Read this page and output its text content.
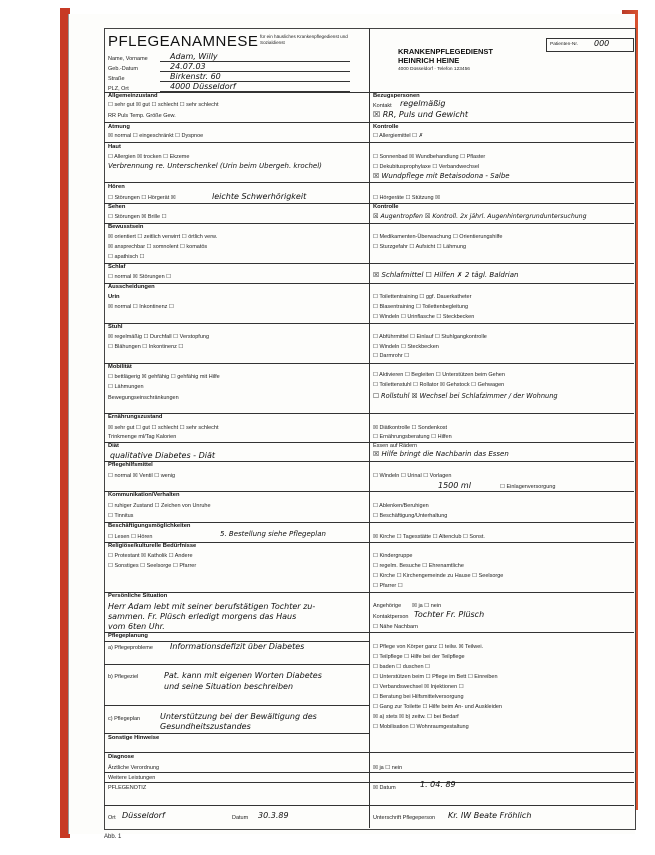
PFLEGEANAMNESE für ein häusliches Krankenpflegedienst und Sozialdienst
Name, Vorname	Adam, Willy
Geb.-Datum	24.07.03
Straße	Birkenstr. 60
PLZ, Ort	4000 Düsseldorf
KRANKENPFLEGEDIENST
HEINRICH HEINE
4000 Düsseldorf · Telefon 123456
Patienten-Nr. 000
Allgemeinzustand
☐ sehr gut ☒ gut ☐ schlecht ☐ sehr schlecht
RR Puls Temp. Größe Gew.
Atmung
☒ normal ☐ eingeschränkt ☐ Dyspnoe
Haut
☐ Allergien ☒ trocken ☐ Ekzeme
Verbrennung re. Unterschenkel (Urin beim Ubergeh. krochel)
Hören
☐ Störungen ☐ Hörgerät ☒	leichte Schwerhörigkeit
Sehen
☐ Störungen ☒ Brille ☐
Bewusstsein
☒ orientiert ☐ zeitlich verwirrt ☐ örtlich verw.
☒ ansprechbar ☐ somnolent ☐ komatös
☐ apathisch ☐
Schlaf
☐ normal ☒ Störungen ☐
Ausscheidungen
Urin
☒ normal ☐ Inkontinenz ☐
Stuhl
☒ regelmäßig ☐ Durchfall ☐ Verstopfung
☐ Blähungen ☐ Inkontinenz ☐
Mobilität
☐ bettlägerig ☒ gehfähig ☐ gehfähig mit Hilfe
☐ Lähmungen
Bewegungseinschränkungen
Ernährungszustand
☒ sehr gut ☐ gut ☐ schlecht ☐ sehr schlecht
Trinkmenge ml/Tag Kalorien
Diät
qualitative Diabetes - Diät
Pflegehilfsmittel
☐ normal ☒ Ventil ☐ wenig
Kommunikation/Verhalten
☐ ruhiger Zustand ☐ Zeichen von Unruhe
☐ Tinnitus
Beschäftigungsmöglichkeiten
☐ Lesen ☐ Hören	5. Bestellung siehe Pflegeplan
Religiöse/kulturelle Bedürfnisse
☐ Protestant ☒ Katholik ☐ Andere
☐ Sonstiges ☐ Seelsorge ☐ Pfarrer
Bezugspersonen
Kontakt regelmäßig
☒ RR, Puls und Gewicht
Kontrolle
☐ Allergiemittel ☐ ✗
☐ Sonnenbad ☒ Wundbehandlung ☐ Pflaster
☐ Dekubitusprophylaxe ☐ Verbandwechsel
☒ Wundpflege mit Betaisodona - Salbe
☐ Hörgeräte ☐ Stützung ☒
Kontrolle
☒ Augentropfen ☒ Kontroll. 2x jährl. Augenhintergrunduntersuchung
☐ Medikamenten-Überwachung ☐ Orientierungshilfe
☐ Sturzgefahr ☐ Aufsicht ☐ Lähmung
☒ Schlafmittel ☐ Hilfen ✗ 2 tägl. Baldrian
☐ Toilettentraining ☐ ggf. Dauerkatheter
☐ Blasentraining ☐ Toilettenbegleitung
☐ Windeln ☐ Urinflasche ☐ Steckbecken
☐ Abführmittel ☐ Einlauf ☐ Stuhlgangkontrolle
☐ Windeln ☐ Steckbecken
☐ Darmrohr ☐
☐ Aktivieren ☐ Begleiten ☐ Unterstützen beim Gehen
☐ Toilettenstuhl ☐ Rollator ☒ Gehstock ☐ Gehwagen
☐ Rollstuhl ☒ Wechsel bei Schlafzimmer / der Wohnung
☒ Diätkontrolle ☐ Sondenkost
☐ Ernährungsberatung ☐ Hilfen
Essen auf Rädern
☒ Hilfe bringt die Nachbarin das Essen
☐ Windeln ☐ Urinal ☐ Vorlagen
1500 ml	☐ Einlagenversorgung
☐ Ablenken/Beruhigen
☐ Beschäftigung/Unterhaltung
☒ Kirche ☐ Tagesstätte ☐ Altenclub ☐ Sonst.
☐ Kindergruppe
☐ regelm. Besuche ☐ Ehrenamtliche
☐ Kirche ☐ Kirchengemeinde zu Hause ☐ Seelsorge
☐ Pfarrer ☐
Persönliche Situation
Herr Adam lebt mit seiner berufstätigen Tochter zu-
sammen. Fr. Plüsch erledigt morgens das Haus
vom 6ten Uhr.
Angehörige ☒ ja ☐ nein
Kontaktperson Tochter Fr. Plüsch
☐ Nähe Nachbarn
Pflegeplanung
a) Pflegeprobleme Informationsdefizit über Diabetes
b) Pflegeziel	Pat. kann mit eigenen Worten Diabetes
und seine Situation beschreiben
c) Pflegeplan Unterstützung bei der Bewältigung des
Gesundheitszustandes
Sonstige Hinweise
☐ Pflege von Körper ganz ☐ teilw. ☒ Teilwei.
☐ Teilpflege ☐ Hilfe bei der Teilpflege
☐ baden ☐ duschen ☐
☐ Unterstützen beim ☐ Pflege im Bett ☐ Einreiben
☐ Verbandswechsel ☒ Injektionen ☐
☐ Beratung bei Hilfsmittelversorgung
☐ Gang zur Toilette ☐ Hilfe beim An- und Auskleiden
☒ a) stets ☒ b) zeitw. ☐ bei Bedarf
☐ Mobilisation ☐ Wohnraumgestaltung
Diagnose
Ärztliche Verordnung
Weitere Leistungen
PFLEGENOTIZ
☒ ja ☐ nein
☒ Datum	1. 04. 89
Ort Düsseldorf	Datum 30.3.89	Unterschrift Pflegeperson Kr. IW Beate Fröhlich
Abb. 1
